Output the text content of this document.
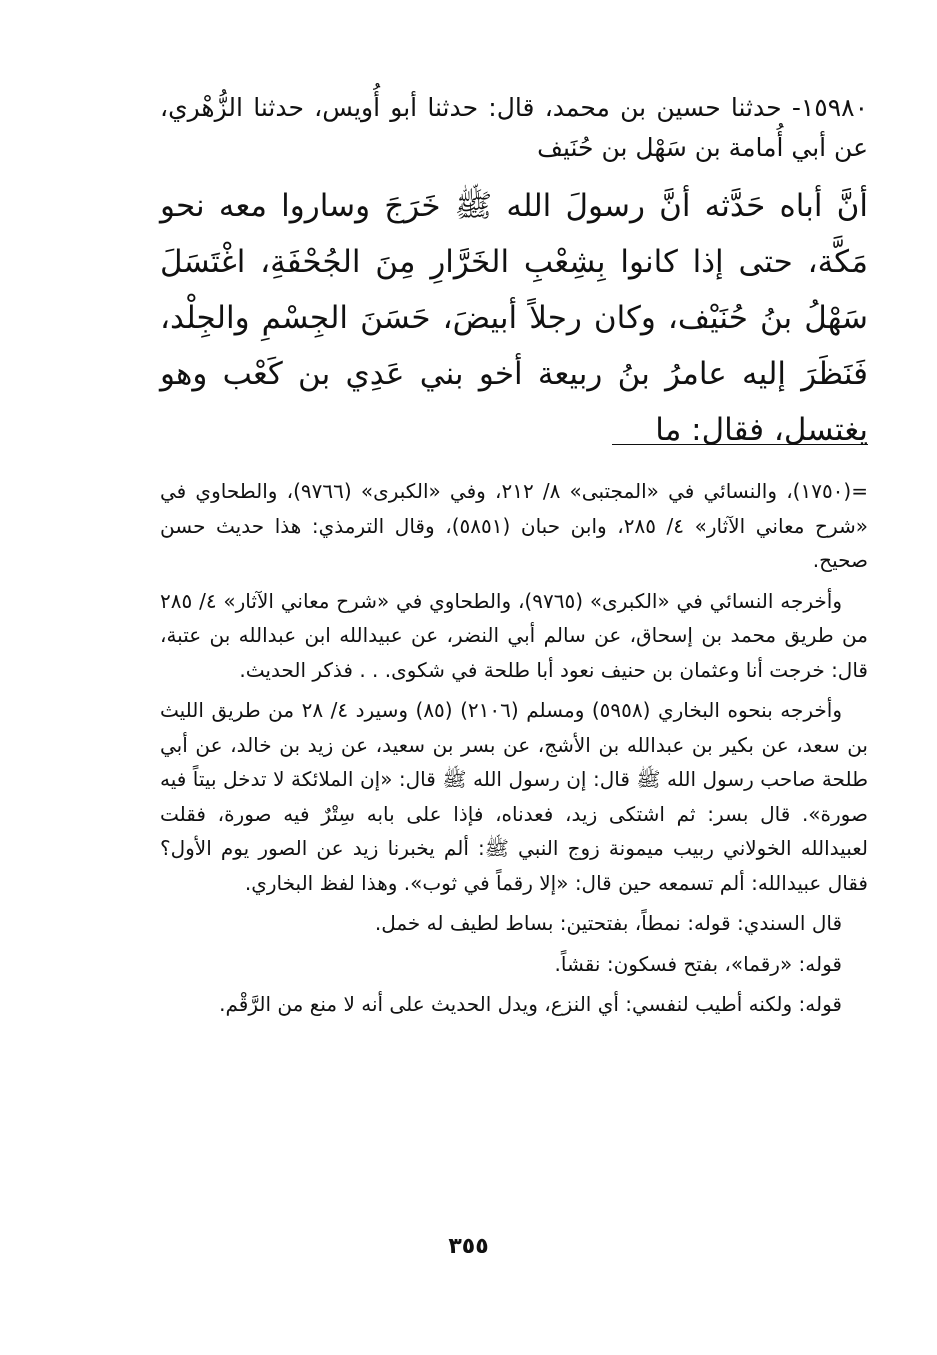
١٥٩٨٠- حدثنا حسين بن محمد، قال: حدثنا أبو أُويس، حدثنا الزُّهْري، عن أبي أُمامة بن سَهْل بن حُنَيف

أنَّ أباه حَدَّثه أنَّ رسولَ الله ﷺ خَرَجَ وساروا معه نحو مَكَّة، حتى إذا كانوا بِشِعْبِ الخَرَّارِ مِنَ الجُحْفَةِ، اغْتَسَلَ سَهْلُ بنُ حُنَيْف، وكان رجلاً أبيضَ، حَسَنَ الجِسْمِ والجِلْد، فَنَظَرَ إليه عامرُ بنُ ربيعة أخو بني عَدِي بن كَعْب وهو يغتسل، فقال: ما

=(١٧٥٠)، والنسائي في «المجتبى» ٨/ ٢١٢، وفي «الكبرى» (٩٧٦٦)، والطحاوي في «شرح معاني الآثار» ٤/ ٢٨٥، وابن حبان (٥٨٥١)، وقال الترمذي: هذا حديث حسن صحيح.

وأخرجه النسائي في «الكبرى» (٩٧٦٥)، والطحاوي في «شرح معاني الآثار» ٤/ ٢٨٥ من طريق محمد بن إسحاق، عن سالم أبي النضر، عن عبيدالله ابن عبدالله بن عتبة، قال: خرجت أنا وعثمان بن حنيف نعود أبا طلحة في شكوى. . . فذكر الحديث.

وأخرجه بنحوه البخاري (٥٩٥٨) ومسلم (٢١٠٦) (٨٥) وسيرد ٤/ ٢٨ من طريق الليث بن سعد، عن بكير بن عبدالله بن الأشج، عن بسر بن سعيد، عن زيد بن خالد، عن أبي طلحة صاحب رسول الله ﷺ قال: إن رسول الله ﷺ قال: «إن الملائكة لا تدخل بيتاً فيه صورة». قال بسر: ثم اشتكى زيد، فعدناه، فإذا على بابه سِتْرٌ فيه صورة، فقلت لعبيدالله الخولاني ربيب ميمونة زوج النبي ﷺ: ألم يخبرنا زيد عن الصور يوم الأول؟ فقال عبيدالله: ألم تسمعه حين قال: «إلا رقماً في ثوب». وهذا لفظ البخاري.

قال السندي: قوله: نمطاً، بفتحتين: بساط لطيف له خمل.

قوله: «رقما»، بفتح فسكون: نقشاً.

قوله: ولكنه أطيب لنفسي: أي النزع، ويدل الحديث على أنه لا منع من الرَّقْم.

٣٥٥
